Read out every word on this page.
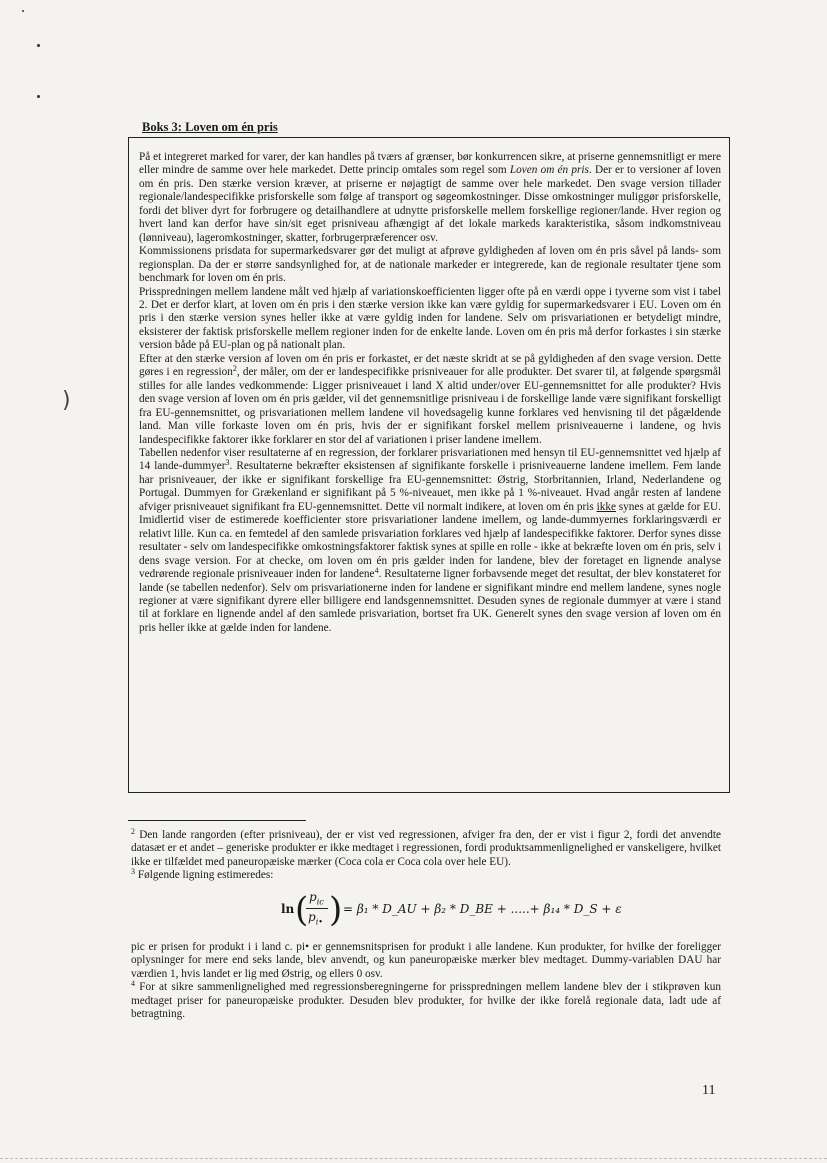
)
Boks 3: Loven om én pris

På et integreret marked for varer, der kan handles på tværs af grænser, bør konkurrencen sikre, at priserne gennemsnitligt er mere eller mindre de samme over hele markedet. Dette princip omtales som regel som Loven om én pris. Der er to versioner af loven om én pris. Den stærke version kræver, at priserne er nøjagtigt de samme over hele markedet. Den svage version tillader regionale/landespecifikke prisforskelle som følge af transport og søgeomkostninger. Disse omkostninger muliggør prisforskelle, fordi det bliver dyrt for forbrugere og detailhandlere at udnytte prisforskelle mellem forskellige regioner/lande. Hver region og hvert land kan derfor have sin/sit eget prisniveau afhængigt af det lokale markeds karakteristika, såsom indkomstniveau (lønniveau), lageromkostninger, skatter, forbrugerpræferencer osv.

Kommissionens prisdata for supermarkedsvarer gør det muligt at afprøve gyldigheden af loven om én pris såvel på lands- som regionsplan. Da der er større sandsynlighed for, at de nationale markeder er integrerede, kan de regionale resultater tjene som benchmark for loven om én pris.

Prisspredningen mellem landene målt ved hjælp af variationskoefficienten ligger ofte på en værdi oppe i tyverne som vist i tabel 2. Det er derfor klart, at loven om én pris i den stærke version ikke kan være gyldig for supermarkedsvarer i EU. Loven om én pris i den stærke version synes heller ikke at være gyldig inden for landene. Selv om prisvariationen er betydeligt mindre, eksisterer der faktisk prisforskelle mellem regioner inden for de enkelte lande. Loven om én pris må derfor forkastes i sin stærke version både på EU-plan og på nationalt plan.

Efter at den stærke version af loven om én pris er forkastet, er det næste skridt at se på gyldigheden af den svage version. Dette gøres i en regression$^2$, der måler, om der er landespecifikke prisniveauer for alle produkter. Det svarer til, at følgende spørgsmål stilles for alle landes vedkommende: Ligger prisniveauet i land X altid under/over EU-gennemsnittet for alle produkter? Hvis den svage version af loven om én pris gælder, vil det gennemsnitlige prisniveau i de forskellige lande være signifikant forskelligt fra EU-gennemsnittet, og prisvariationen mellem landene vil hovedsagelig kunne forklares ved henvisning til det pågældende land. Man ville forkaste loven om én pris, hvis der er signifikant forskel mellem prisniveauerne i landene, og hvis landespecifikke faktorer ikke forklarer en stor del af variationen i priser landene imellem.

Tabellen nedenfor viser resultaterne af en regression, der forklarer prisvariationen med hensyn til EU-gennemsnittet ved hjælp af 14 lande-dummyer$^3$. Resultaterne bekræfter eksistensen af signifikante forskelle i prisniveauerne landene imellem. Fem lande har prisniveauer, der ikke er signifikant forskellige fra EU-gennemsnittet: Østrig, Storbritannien, Irland, Nederlandene og Portugal. Dummyen for Grækenland er signifikant på 5 %-niveauet, men ikke på 1 %-niveauet. Hvad angår resten af landene afviger prisniveauet signifikant fra EU-gennemsnittet. Dette vil normalt indikere, at loven om én pris ikke synes at gælde for EU. Imidlertid viser de estimerede koefficienter store prisvariationer landene imellem, og lande-dummyernes forklaringsværdi er relativt lille. Kun ca. en femtedel af den samlede prisvariation forklares ved hjælp af landespecifikke faktorer. Derfor synes disse resultater - selv om landespecifikke omkostningsfaktorer faktisk synes at spille en rolle - ikke at bekræfte loven om én pris, selv i dens svage version. For at checke, om loven om én pris gælder inden for landene, blev der foretaget en lignende analyse vedrørende regionale prisniveauer inden for landene$^4$. Resultaterne ligner forbavsende meget det resultat, der blev konstateret for lande (se tabellen nedenfor). Selv om prisvariationerne inden for landene er signifikant mindre end mellem landene, synes nogle regioner at være signifikant dyrere eller billigere end landsgennemsnittet. Desuden synes de regionale dummyer at være i stand til at forklare en lignende andel af den samlede prisvariation, bortset fra UK. Generelt synes den svage version af loven om én pris heller ikke at gælde inden for landene.

$^2$ Den lande rangorden (efter prisniveau), der er vist ved regressionen, afviger fra den, der er vist i figur 2, fordi det anvendte datasæt er et andet – generiske produkter er ikke medtaget i regressionen, fordi produktsammenlignelighed er vanskeligere, hvilket ikke er tilfældet med paneuropæiske mærker (Coca cola er Coca cola over hele EU).

$^3$ Følgende ligning estimeredes:

ln ( $p_{ic}$
$p_{i•}$ ) = β₁ * D_AU + β₂ * D_BE + .....+ β₁₄ * D_S + ε

pic er prisen for produkt i i land c. pi• er gennemsnitsprisen for produkt i alle landene. Kun produkter, for hvilke der foreligger oplysninger for mere end seks lande, blev anvendt, og kun paneuropæiske mærker blev medtaget. Dummy-variablen DAU har værdien 1, hvis landet er lig med Østrig, og ellers 0 osv.

$^4$ For at sikre sammenlignelighed med regressionsberegningerne for prisspredningen mellem landene blev der i stikprøven kun medtaget priser for paneuropæiske produkter. Desuden blev produkter, for hvilke der ikke forelå regionale data, ladt ude af betragtning.

11
